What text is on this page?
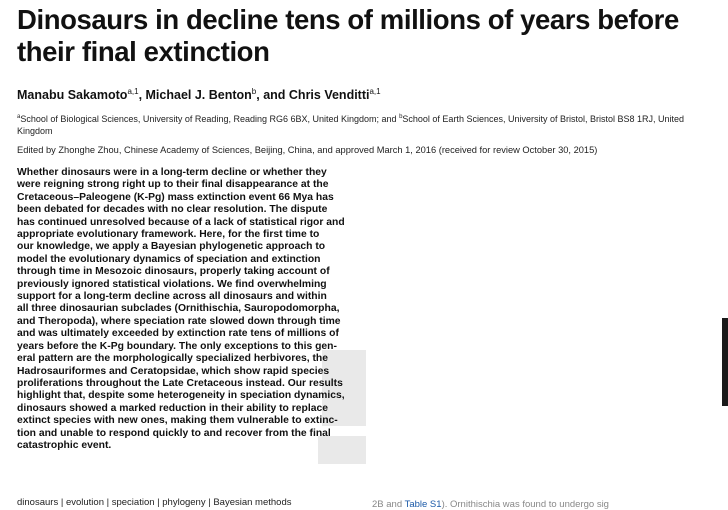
Dinosaurs in decline tens of millions of years before their final extinction
Manabu Sakamoto$^{a,1}$, Michael J. Benton$^b$, and Chris Venditti$^{a,1}$
$^a$School of Biological Sciences, University of Reading, Reading RG6 6BX, United Kingdom; and $^b$School of Earth Sciences, University of Bristol, Bristol BS8 1RJ, United Kingdom
Edited by Zhonghe Zhou, Chinese Academy of Sciences, Beijing, China, and approved March 1, 2016 (received for review October 30, 2015)
Whether dinosaurs were in a long-term decline or whether they
were reigning strong right up to their final disappearance at the
Cretaceous–Paleogene (K-Pg) mass extinction event 66 Mya has
been debated for decades with no clear resolution. The dispute
has continued unresolved because of a lack of statistical rigor and
appropriate evolutionary framework. Here, for the first time to
our knowledge, we apply a Bayesian phylogenetic approach to
model the evolutionary dynamics of speciation and extinction
through time in Mesozoic dinosaurs, properly taking account of
previously ignored statistical violations. We find overwhelming
support for a long-term decline across all dinosaurs and within
all three dinosaurian subclades (Ornithischia, Sauropodomorpha,
and Theropoda), where speciation rate slowed down through time
and was ultimately exceeded by extinction rate tens of millions of
years before the K-Pg boundary. The only exceptions to this gen-
eral pattern are the morphologically specialized herbivores, the
Hadrosauriformes and Ceratopsidae, which show rapid species
proliferations throughout the Late Cretaceous instead. Our results
highlight that, despite some heterogeneity in speciation dynamics,
dinosaurs showed a marked reduction in their ability to replace
extinct species with new ones, making them vulnerable to extinc-
tion and unable to respond quickly to and recover from the final
catastrophic event.
dinosaurs | evolution | speciation | phylogeny | Bayesian methods	2B and Table S1). Ornithischia was found to undergo sig
